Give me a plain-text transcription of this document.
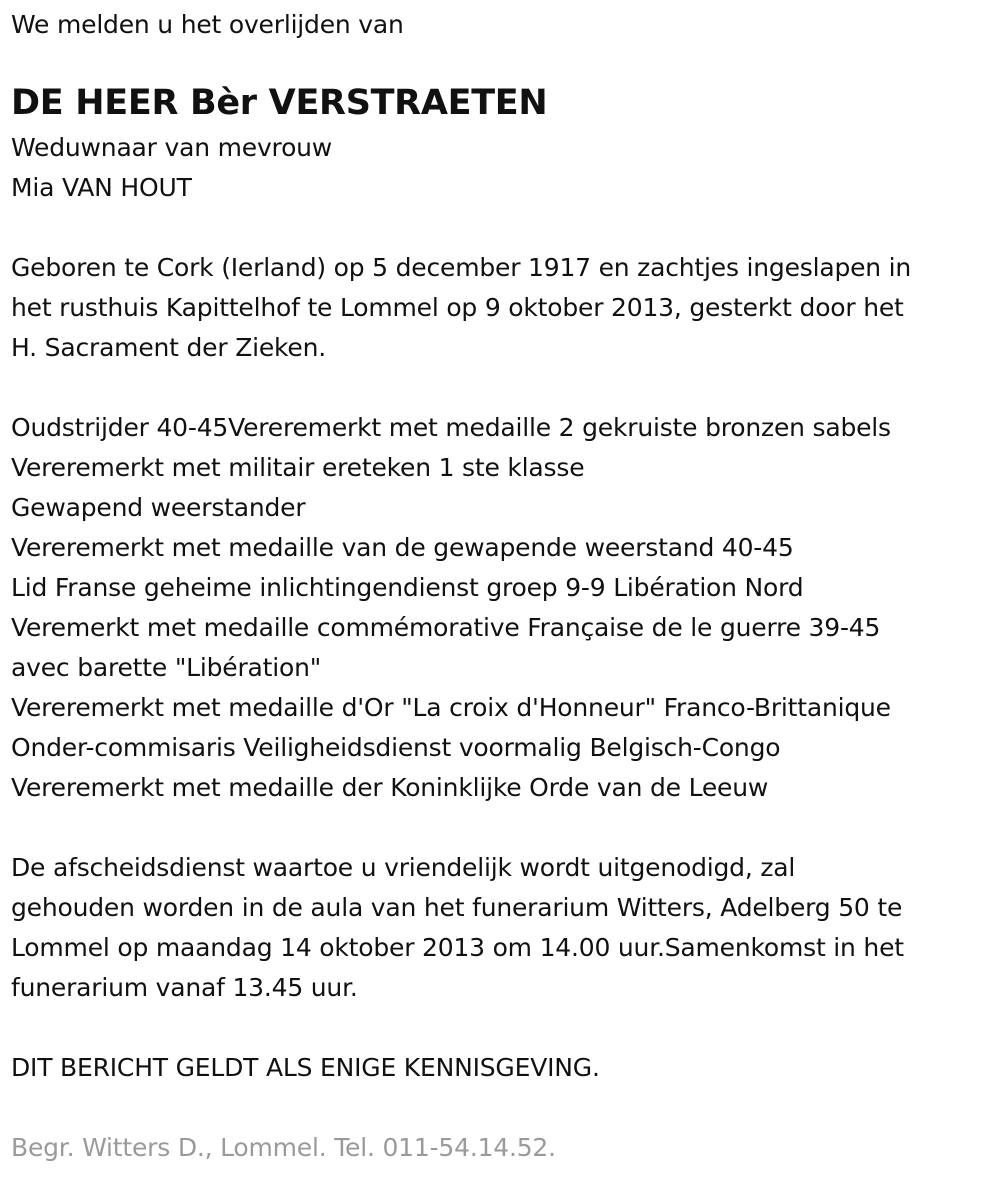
We melden u het overlijden van
DE HEER Bèr VERSTRAETEN
Weduwnaar van mevrouw
Mia VAN HOUT
Geboren te Cork (Ierland) op 5 december 1917 en zachtjes ingeslapen in
het rusthuis Kapittelhof te Lommel op 9 oktober 2013, gesterkt door het
H. Sacrament der Zieken.
Oudstrijder 40-45Vereremerkt met medaille 2 gekruiste bronzen sabels
Vereremerkt met militair ereteken 1 ste klasse
Gewapend weerstander
Vereremerkt met medaille van de gewapende weerstand 40-45
Lid Franse geheime inlichtingendienst groep 9-9 Libération Nord
Veremerkt met medaille commémorative Française de le guerre 39-45
avec barette "Libération"
Vereremerkt met medaille d'Or "La croix d'Honneur" Franco-Brittanique
Onder-commisaris Veiligheidsdienst voormalig Belgisch-Congo
Vereremerkt met medaille der Koninklijke Orde van de Leeuw
De afscheidsdienst waartoe u vriendelijk wordt uitgenodigd, zal
gehouden worden in de aula van het funerarium Witters, Adelberg 50 te
Lommel op maandag 14 oktober 2013 om 14.00 uur.Samenkomst in het
funerarium vanaf 13.45 uur.
DIT BERICHT GELDT ALS ENIGE KENNISGEVING.
Begr. Witters D., Lommel. Tel. 011-54.14.52.
